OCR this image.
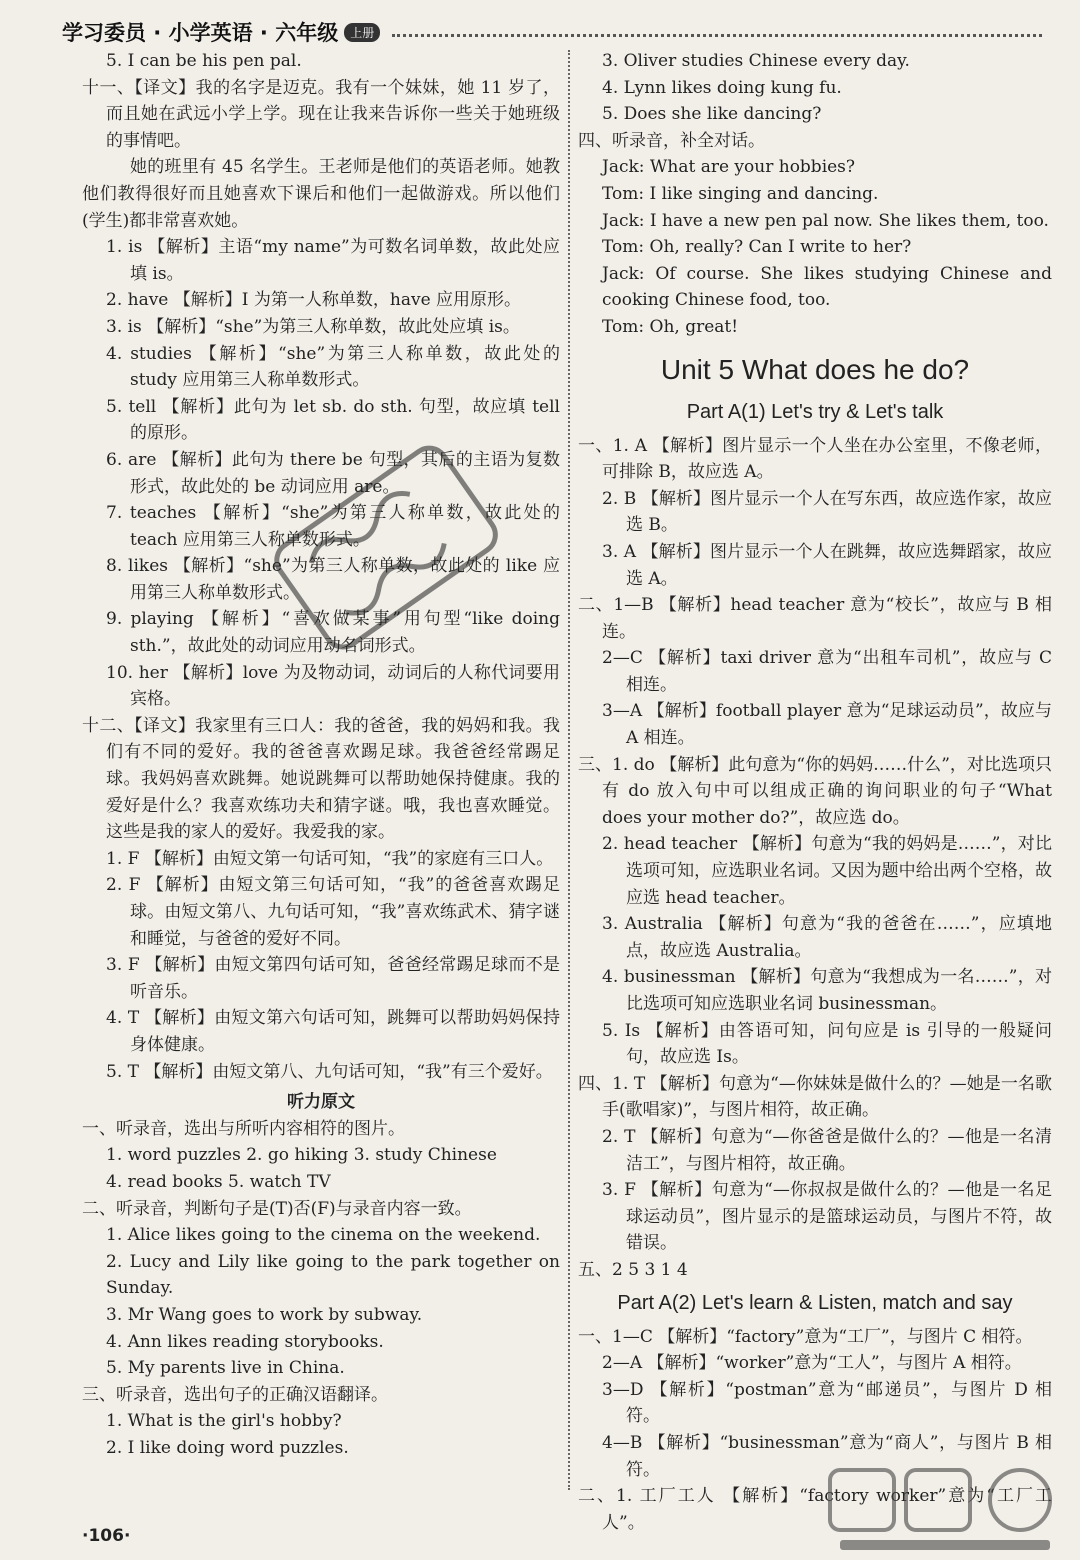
学习委员 · 小学英语 · 六年级	上册

5. I can be his pen pal.

十一、【译文】我的名字是迈克。我有一个妹妹，她 11 岁了，而且她在武远小学上学。现在让我来告诉你一些关于她班级的事情吧。

她的班里有 45 名学生。王老师是他们的英语老师。她教他们教得很好而且她喜欢下课后和他们一起做游戏。所以他们(学生)都非常喜欢她。

1. is 【解析】主语“my name”为可数名词单数，故此处应填 is。

2. have 【解析】I 为第一人称单数，have 应用原形。

3. is 【解析】“she”为第三人称单数，故此处应填 is。

4. studies 【解析】“she”为第三人称单数，故此处的 study 应用第三人称单数形式。

5. tell 【解析】此句为 let sb. do sth. 句型，故应填 tell 的原形。

6. are 【解析】此句为 there be 句型，其后的主语为复数形式，故此处的 be 动词应用 are。

7. teaches 【解析】“she”为第三人称单数，故此处的 teach 应用第三人称单数形式。

8. likes 【解析】“she”为第三人称单数，故此处的 like 应用第三人称单数形式。

9. playing 【解析】“喜欢做某事”用句型“like doing sth.”，故此处的动词应用动名词形式。

10. her 【解析】love 为及物动词，动词后的人称代词要用宾格。

十二、【译文】我家里有三口人：我的爸爸，我的妈妈和我。我们有不同的爱好。我的爸爸喜欢踢足球。我爸爸经常踢足球。我妈妈喜欢跳舞。她说跳舞可以帮助她保持健康。我的爱好是什么？我喜欢练功夫和猜字谜。哦，我也喜欢睡觉。这些是我的家人的爱好。我爱我的家。

1. F 【解析】由短文第一句话可知，“我”的家庭有三口人。

2. F 【解析】由短文第三句话可知，“我”的爸爸喜欢踢足球。由短文第八、九句话可知，“我”喜欢练武术、猜字谜和睡觉，与爸爸的爱好不同。

3. F 【解析】由短文第四句话可知，爸爸经常踢足球而不是听音乐。

4. T 【解析】由短文第六句话可知，跳舞可以帮助妈妈保持身体健康。

5. T 【解析】由短文第八、九句话可知，“我”有三个爱好。

听力原文

一、听录音，选出与所听内容相符的图片。

1. word puzzles 2. go hiking 3. study Chinese

4. read books 5. watch TV

二、听录音，判断句子是(T)否(F)与录音内容一致。

1. Alice likes going to the cinema on the weekend.

2. Lucy and Lily like going to the park together on Sunday.

3. Mr Wang goes to work by subway.

4. Ann likes reading storybooks.

5. My parents live in China.

三、听录音，选出句子的正确汉语翻译。

1. What is the girl's hobby?

2. I like doing word puzzles.

3. Oliver studies Chinese every day.

4. Lynn likes doing kung fu.

5. Does she like dancing?

四、听录音，补全对话。

Jack: What are your hobbies?

Tom: I like singing and dancing.

Jack: I have a new pen pal now. She likes them, too.

Tom: Oh, really? Can I write to her?

Jack: Of course. She likes studying Chinese and cooking Chinese food, too.

Tom: Oh, great!

Unit 5 What does he do?
Part A(1) Let's try & Let's talk

一、1. A 【解析】图片显示一个人坐在办公室里，不像老师，可排除 B，故应选 A。

2. B 【解析】图片显示一个人在写东西，故应选作家，故应选 B。

3. A 【解析】图片显示一个人在跳舞，故应选舞蹈家，故应选 A。

二、1—B 【解析】head teacher 意为“校长”，故应与 B 相连。

2—C 【解析】taxi driver 意为“出租车司机”，故应与 C 相连。

3—A 【解析】football player 意为“足球运动员”，故应与 A 相连。

三、1. do 【解析】此句意为“你的妈妈……什么”，对比选项只有 do 放入句中可以组成正确的询问职业的句子“What does your mother do?”，故应选 do。

2. head teacher 【解析】句意为“我的妈妈是……”，对比选项可知，应选职业名词。又因为题中给出两个空格，故应选 head teacher。

3. Australia 【解析】句意为“我的爸爸在……”，应填地点，故应选 Australia。

4. businessman 【解析】句意为“我想成为一名……”，对比选项可知应选职业名词 businessman。

5. Is 【解析】由答语可知，问句应是 is 引导的一般疑问句，故应选 Is。

四、1. T 【解析】句意为“—你妹妹是做什么的？—她是一名歌手(歌唱家)”，与图片相符，故正确。

2. T 【解析】句意为“—你爸爸是做什么的？—他是一名清洁工”，与图片相符，故正确。

3. F 【解析】句意为“—你叔叔是做什么的？—他是一名足球运动员”，图片显示的是篮球运动员，与图片不符，故错误。

五、2 5 3 1 4

Part A(2) Let's learn & Listen, match and say

一、1—C 【解析】“factory”意为“工厂”，与图片 C 相符。

2—A 【解析】“worker”意为“工人”，与图片 A 相符。

3—D 【解析】“postman”意为“邮递员”，与图片 D 相符。

4—B 【解析】“businessman”意为“商人”，与图片 B 相符。

二、1. 工厂工人 【解析】“factory worker”意为“工厂工人”。

·106·
